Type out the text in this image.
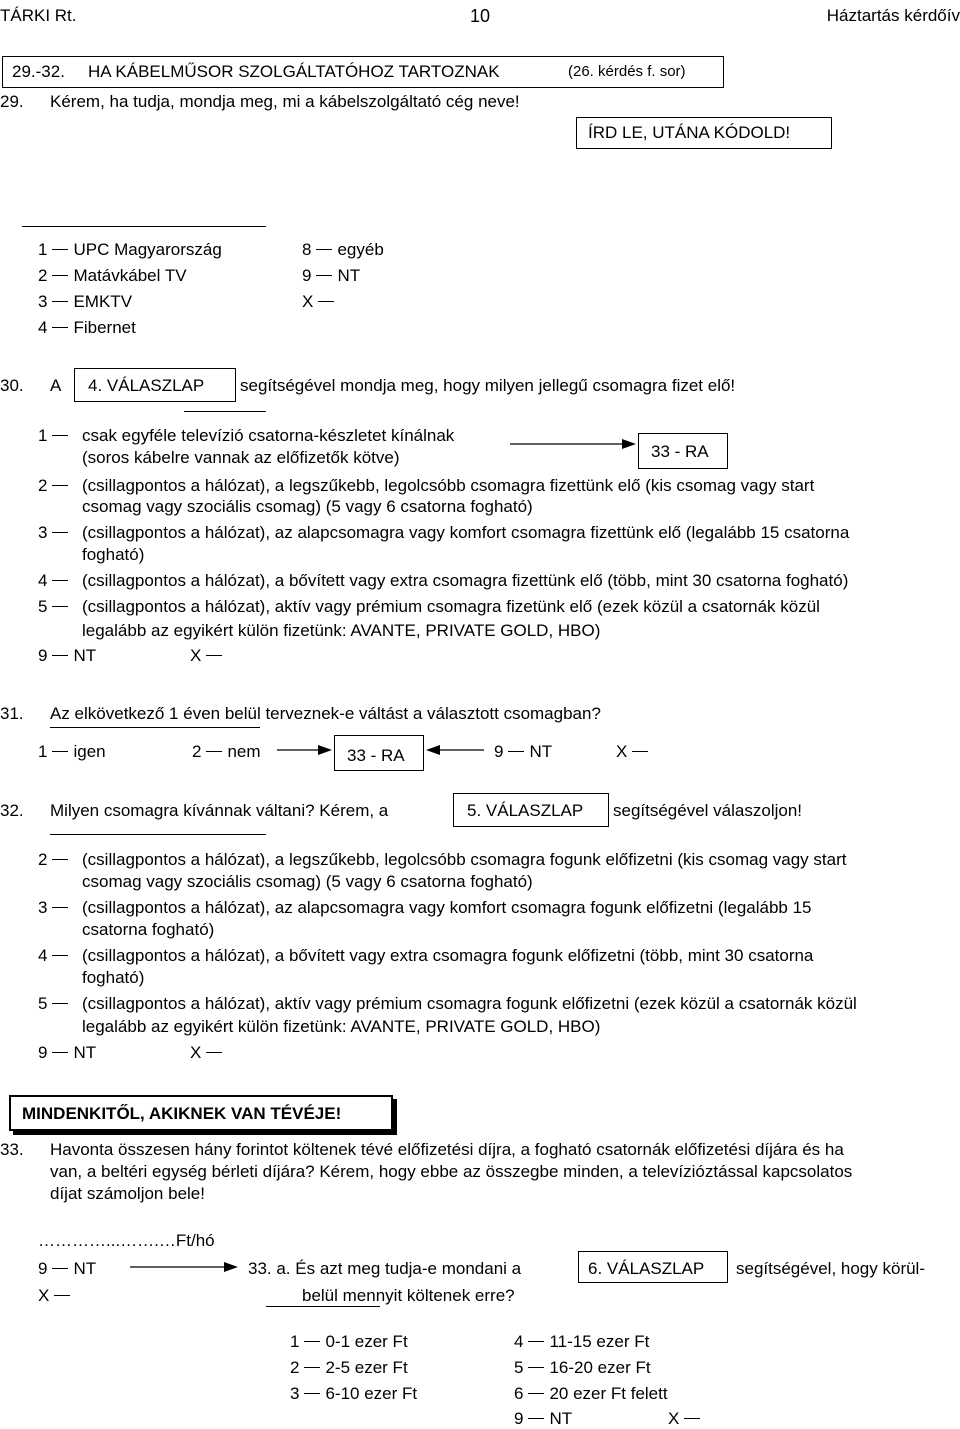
TÁRKI Rt.	10	Háztartás kérdőív
29.-32. HA KÁBELMŰSOR SZOLGÁLTATÓHOZ TARTOZNAK	(26. kérdés f. sor)
29. Kérem, ha tudja, mondja meg, mi a kábelszolgáltató cég neve!
ÍRD LE, UTÁNA KÓDOLD!
1 UPC Magyarország
2 Matávkábel TV
3 EMKTV
4 Fibernet
8 egyéb
9 NT
X
30. A 4. VÁLASZLAP segítségével mondja meg, hogy milyen jellegű csomagra fizet elő!
1	csak egyféle televízió csatorna-készletet kínálnak
(soros kábelre vannak az előfizetők kötve)	33 - RA
2	(csillagpontos a hálózat), a legszűkebb, legolcsóbb csomagra fizettünk elő (kis csomag vagy start
csomag vagy szociális csomag) (5 vagy 6 csatorna fogható)
3	(csillagpontos a hálózat), az alapcsomagra vagy komfort csomagra fizettünk elő (legalább 15 csatorna
fogható)
4	(csillagpontos a hálózat), a bővített vagy extra csomagra fizettünk elő (több, mint 30 csatorna fogható)
5	(csillagpontos a hálózat), aktív vagy prémium csomagra fizetünk elő (ezek közül a csatornák közül
legalább az egyikért külön fizetünk: AVANTE, PRIVATE GOLD, HBO)
9 NT	X
31. Az elkövetkező 1 éven belül terveznek-e váltást a választott csomagban?
1 igen	2 nem	33 - RA	9 NT	X
32. Milyen csomagra kívánnak váltani? Kérem, a	5. VÁLASZLAP segítségével válaszoljon!
2	(csillagpontos a hálózat), a legszűkebb, legolcsóbb csomagra fogunk előfizetni (kis csomag vagy start
csomag vagy szociális csomag) (5 vagy 6 csatorna fogható)
3	(csillagpontos a hálózat), az alapcsomagra vagy komfort csomagra fogunk előfizetni (legalább 15
csatorna fogható)
4	(csillagpontos a hálózat), a bővített vagy extra csomagra fogunk előfizetni (több, mint 30 csatorna
fogható)
5	(csillagpontos a hálózat), aktív vagy prémium csomagra fogunk előfizetni (ezek közül a csatornák közül
legalább az egyikért külön fizetünk: AVANTE, PRIVATE GOLD, HBO)
9 NT	X
MINDENKITŐL, AKIKNEK VAN TÉVÉJE!
33. Havonta összesen hány forintot költenek tévé előfizetési díjra, a fogható csatornák előfizetési díjára és ha
van, a beltéri egység bérleti díjára? Kérem, hogy ebbe az összegbe minden, a televízióztással kapcsolatos
díjat számoljon bele!
…………...…….…Ft/hó
9 NT	33. a. És azt meg tudja-e mondani a	6. VÁLASZLAP segítségével, hogy körül-
X	belül mennyit költenek erre?
1 0-1 ezer Ft
2 2-5 ezer Ft
3 6-10 ezer Ft
4 11-15 ezer Ft
5 16-20 ezer Ft
6 20 ezer Ft felett
9 NT	X
